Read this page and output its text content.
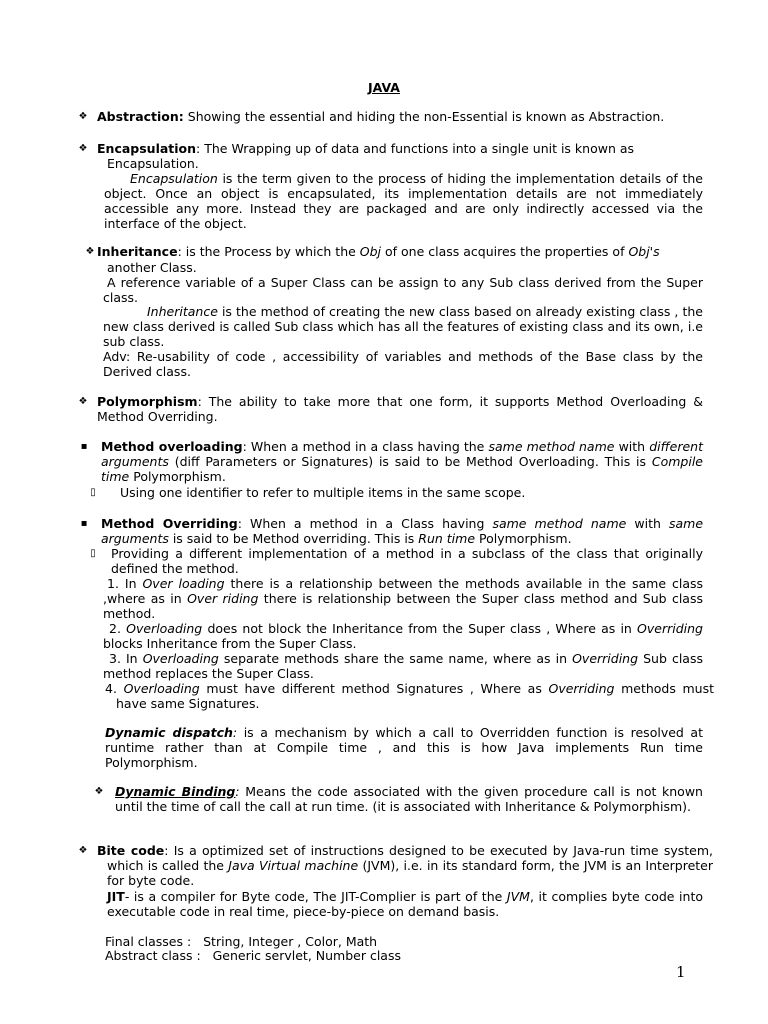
JAVA
❖ Abstraction: Showing the essential and hiding the non-Essential is known as Abstraction.

❖ Encapsulation: The Wrapping up of data and functions into a single unit is known as

Encapsulation.

Encapsulation is the term given to the process of hiding the implementation details of the object. Once an object is encapsulated, its implementation details are not immediately accessible any more. Instead they are packaged and are only indirectly accessed via the interface of the object.

❖ Inheritance: is the Process by which the Obj of one class acquires the properties of Obj's

another Class.

A reference variable of a Super Class can be assign to any Sub class derived from the Super class.

Inheritance is the method of creating the new class based on already existing class , the new class derived is called Sub class which has all the features of existing class and its own, i.e sub class.

Adv: Re-usability of code , accessibility of variables and methods of the Base class by the Derived class.

❖ Polymorphism: The ability to take more that one form, it supports Method Overloading & Method Overriding.

▪ Method overloading: When a method in a class having the same method name with different arguments (diff Parameters or Signatures) is said to be Method Overloading. This is Compile time Polymorphism.

▯	Using one identifier to refer to multiple items in the same scope.

▪ Method Overriding: When a method in a Class having same method name with same arguments is said to be Method overriding. This is Run time Polymorphism.

▯	Providing a different implementation of a method in a subclass of the class that originally defined the method.

1. In Over loading there is a relationship between the methods available in the same class ,where as in Over riding there is relationship between the Super class method and Sub class method.

2. Overloading does not block the Inheritance from the Super class , Where as in Overriding blocks Inheritance from the Super Class.

3. In Overloading separate methods share the same name, where as in Overriding Sub class method replaces the Super Class.

4. Overloading must have different method Signatures , Where as Overriding methods must have same Signatures.

Dynamic dispatch: is a mechanism by which a call to Overridden function is resolved at runtime rather than at Compile time , and this is how Java implements Run time Polymorphism.

❖ Dynamic Binding: Means the code associated with the given procedure call is not known until the time of call the call at run time. (it is associated with Inheritance & Polymorphism).

❖ Bite code: Is a optimized set of instructions designed to be executed by Java-run time system, which is called the Java Virtual machine (JVM), i.e. in its standard form, the JVM is an Interpreter for byte code.

JIT- is a compiler for Byte code, The JIT-Complier is part of the JVM, it complies byte code into executable code in real time, piece-by-piece on demand basis.

Final classes :   String, Integer , Color, Math

Abstract class :   Generic servlet, Number class

1
